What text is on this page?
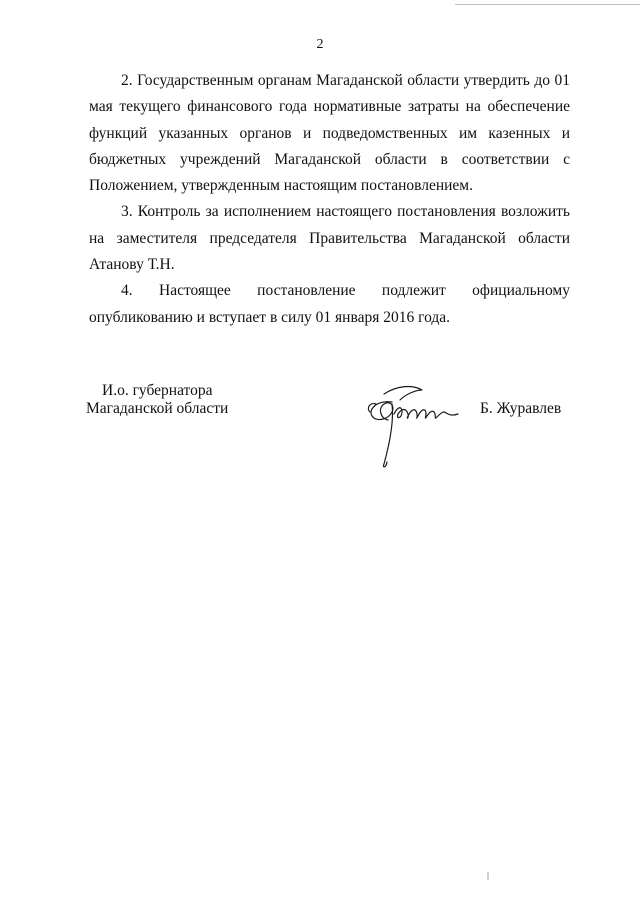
2

2. Государственным органам Магаданской области утвердить до 01 мая текущего финансового года нормативные затраты на обеспечение функций указанных органов и подведомственных им казенных и бюджетных учреждений Магаданской области в соответствии с Положением, утвержденным настоящим постановлением.

3. Контроль за исполнением настоящего постановления возложить на заместителя председателя Правительства Магаданской области Атанову Т.Н.

4. Настоящее постановление подлежит официальному опубликованию и вступает в силу 01 января 2016 года.

И.о. губернатора
Магаданской области	Б. Журавлев
